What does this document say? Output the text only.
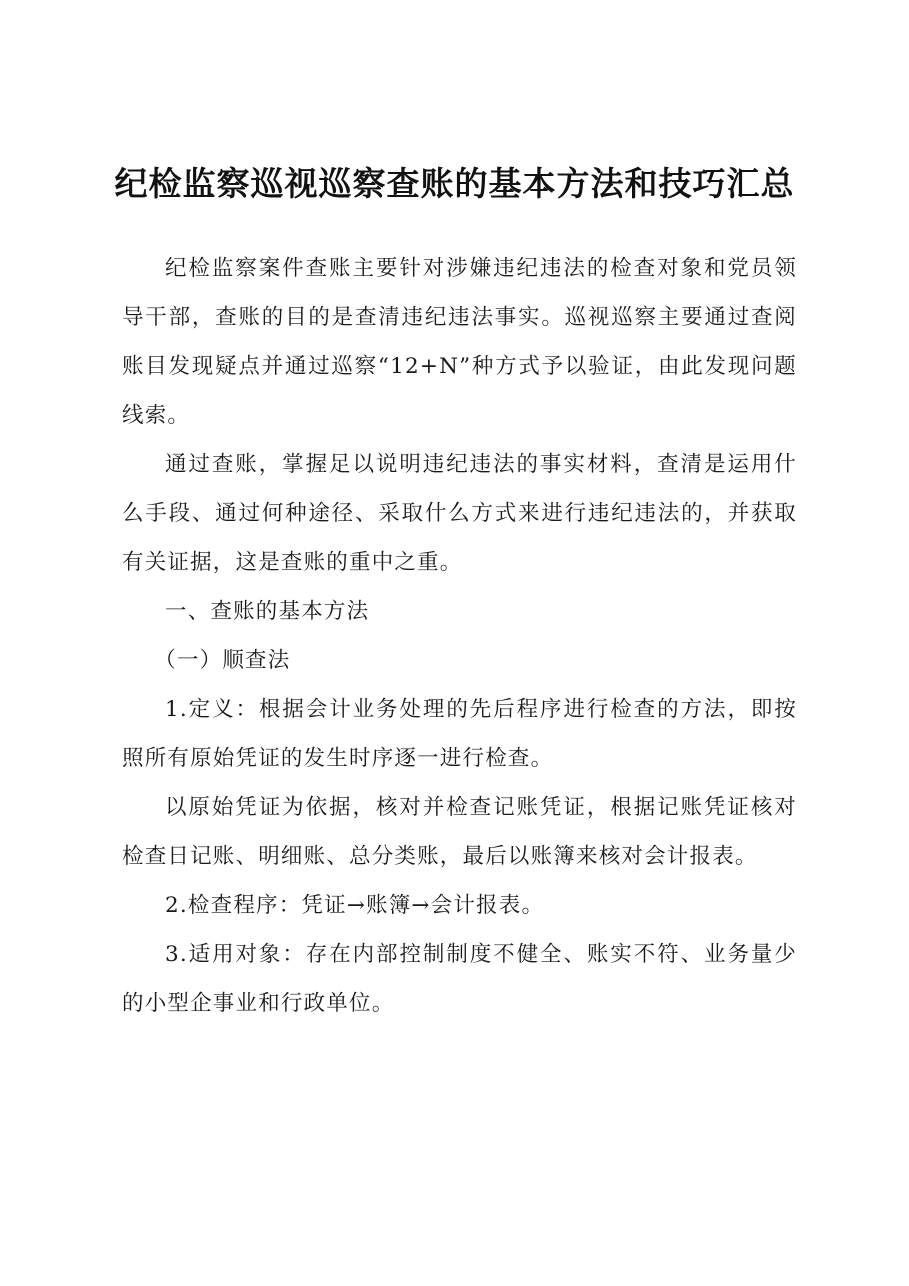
纪检监察巡视巡察查账的基本方法和技巧汇总

纪检监察案件查账主要针对涉嫌违纪违法的检查对象和党员领导干部，查账的目的是查清违纪违法事实。巡视巡察主要通过查阅账目发现疑点并通过巡察“12+N”种方式予以验证，由此发现问题线索。

通过查账，掌握足以说明违纪违法的事实材料，查清是运用什么手段、通过何种途径、采取什么方式来进行违纪违法的，并获取有关证据，这是查账的重中之重。

一、查账的基本方法

（一）顺查法

1.定义：根据会计业务处理的先后程序进行检查的方法，即按照所有原始凭证的发生时序逐一进行检查。

以原始凭证为依据，核对并检查记账凭证，根据记账凭证核对检查日记账、明细账、总分类账，最后以账簿来核对会计报表。

2.检查程序：凭证→账簿→会计报表。

3.适用对象：存在内部控制制度不健全、账实不符、业务量少的小型企事业和行政单位。
